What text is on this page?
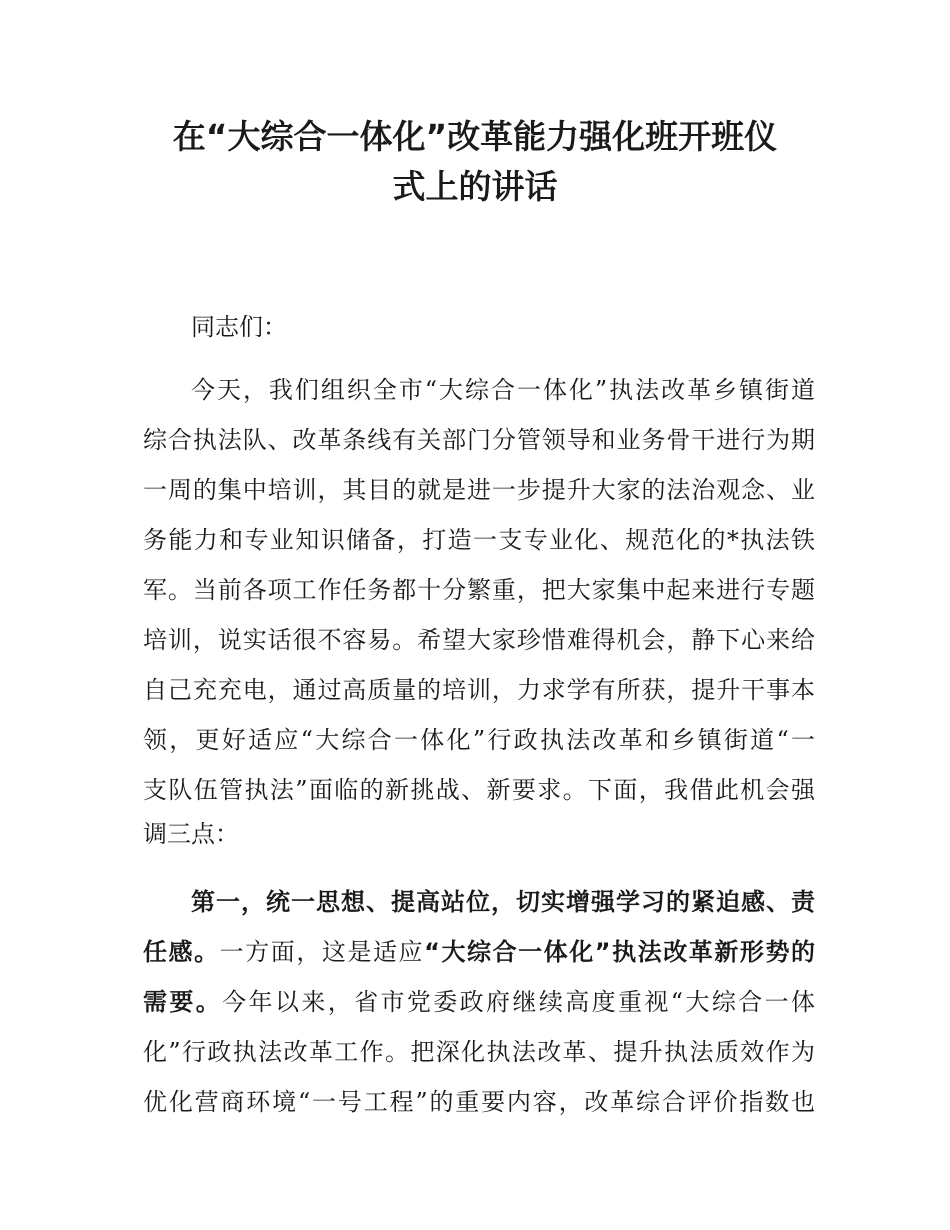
在“大综合一体化”改革能力强化班开班仪
式上的讲话

同志们：

今天，我们组织全市“大综合一体化”执法改革乡镇街道

综合执法队、改革条线有关部门分管领导和业务骨干进行为期

一周的集中培训，其目的就是进一步提升大家的法治观念、业

务能力和专业知识储备，打造一支专业化、规范化的*执法铁

军。当前各项工作任务都十分繁重，把大家集中起来进行专题

培训，说实话很不容易。希望大家珍惜难得机会，静下心来给

自己充充电，通过高质量的培训，力求学有所获，提升干事本

领，更好适应“大综合一体化”行政执法改革和乡镇街道“一

支队伍管执法”面临的新挑战、新要求。下面，我借此机会强

调三点：

第一，统一思想、提高站位，切实增强学习的紧迫感、责

任感。一方面，这是适应“大综合一体化”执法改革新形势的

需要。今年以来，省市党委政府继续高度重视“大综合一体

化”行政执法改革工作。把深化执法改革、提升执法质效作为

优化营商环境“一号工程”的重要内容，改革综合评价指数也
